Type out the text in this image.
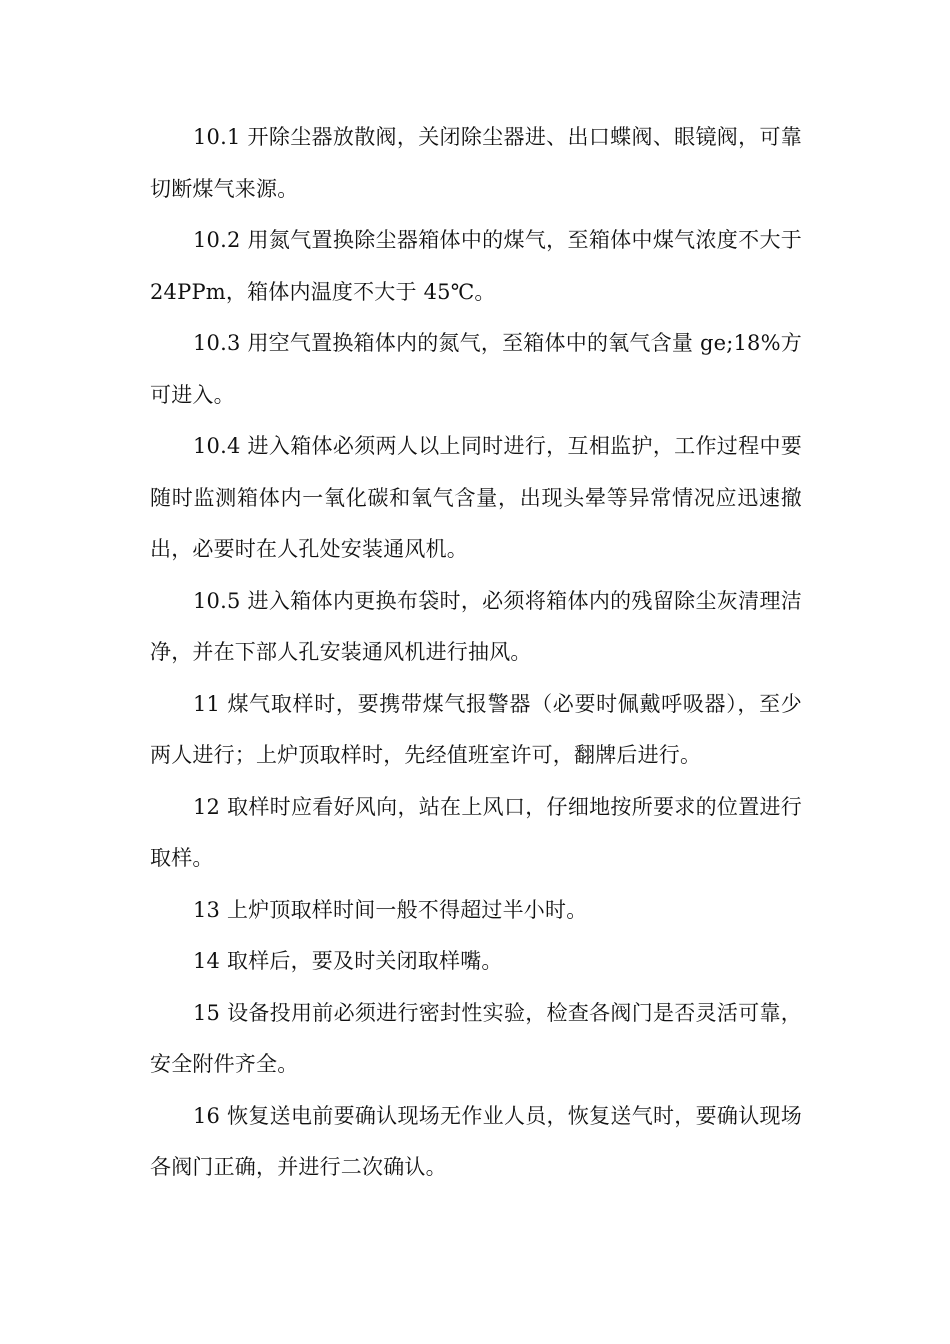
10.1 开除尘器放散阀，关闭除尘器进、出口蝶阀、眼镜阀，可靠切断煤气来源。

10.2 用氮气置换除尘器箱体中的煤气，至箱体中煤气浓度不大于 24PPm，箱体内温度不大于 45℃。

10.3 用空气置换箱体内的氮气，至箱体中的氧气含量 ge;18%方可进入。

10.4 进入箱体必须两人以上同时进行，互相监护，工作过程中要随时监测箱体内一氧化碳和氧气含量，出现头晕等异常情况应迅速撤出，必要时在人孔处安装通风机。

10.5 进入箱体内更换布袋时，必须将箱体内的残留除尘灰清理洁净，并在下部人孔安装通风机进行抽风。

11 煤气取样时，要携带煤气报警器（必要时佩戴呼吸器），至少两人进行；上炉顶取样时，先经值班室许可，翻牌后进行。

12 取样时应看好风向，站在上风口，仔细地按所要求的位置进行取样。

13 上炉顶取样时间一般不得超过半小时。

14 取样后，要及时关闭取样嘴。

15 设备投用前必须进行密封性实验，检查各阀门是否灵活可靠，安全附件齐全。

16 恢复送电前要确认现场无作业人员，恢复送气时，要确认现场各阀门正确，并进行二次确认。
